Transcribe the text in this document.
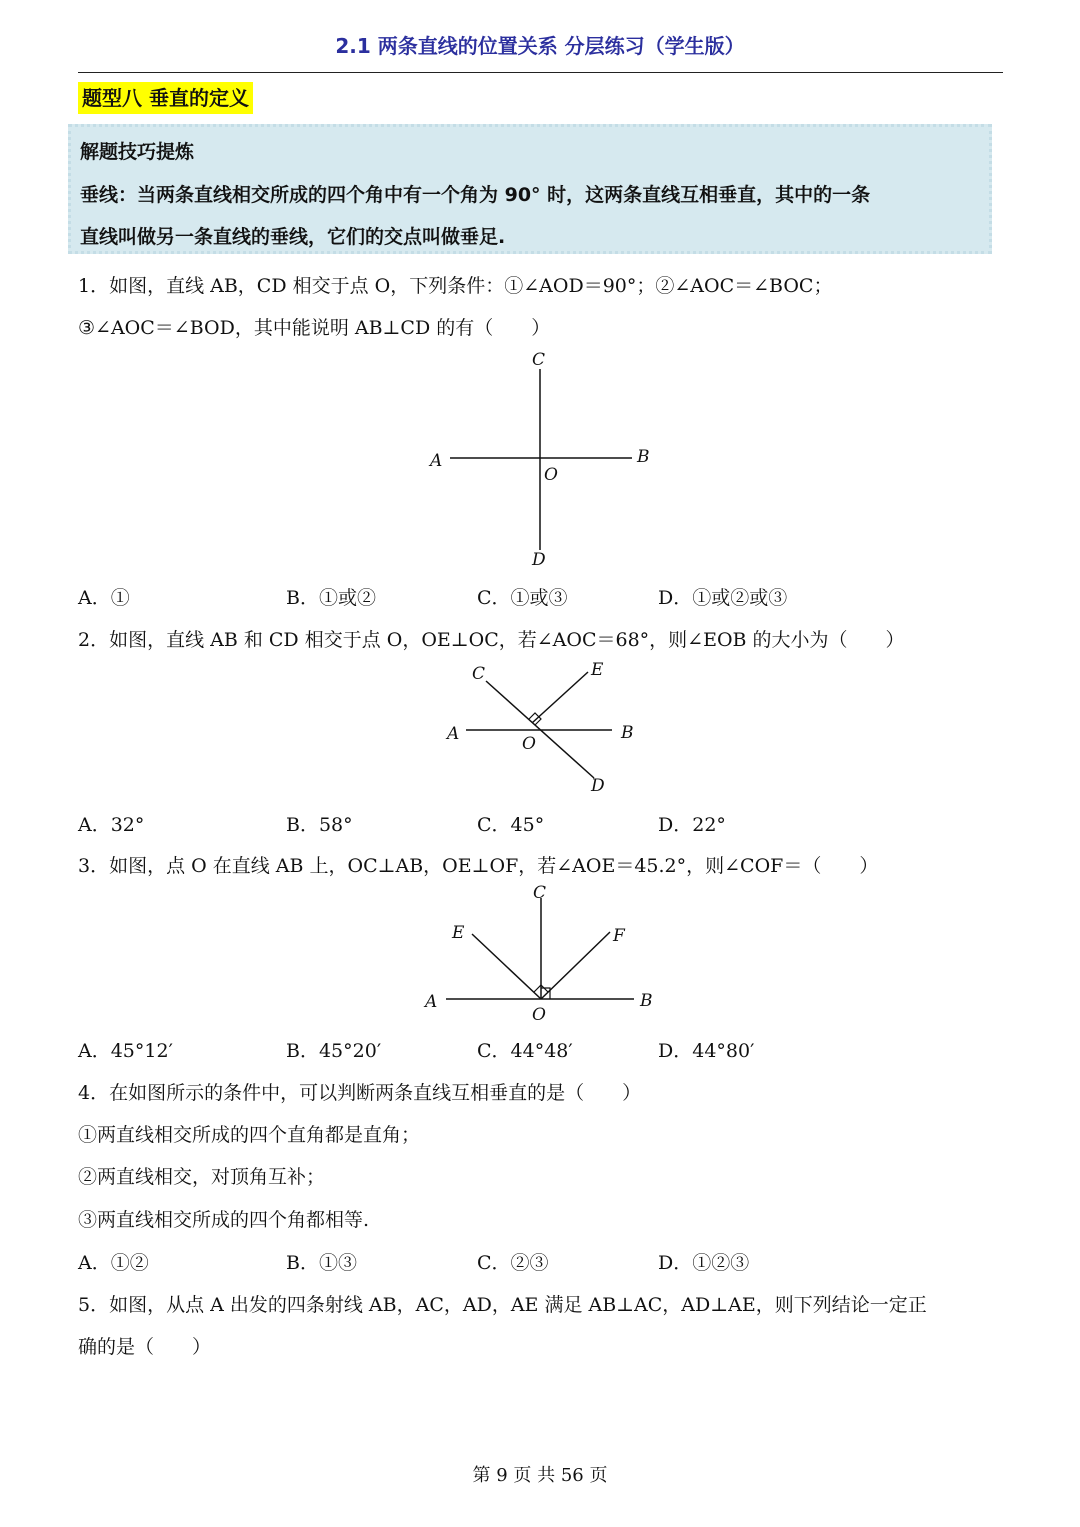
2.1 两条直线的位置关系 分层练习（学生版）
题型八 垂直的定义
解题技巧提炼
垂线：当两条直线相交所成的四个角中有一个角为 90° 时，这两条直线互相垂直，其中的一条
直线叫做另一条直线的垂线，它们的交点叫做垂足.
1．如图，直线 AB，CD 相交于点 O，下列条件：①∠AOD＝90°；②∠AOC＝∠BOC；
③∠AOC＝∠BOD，其中能说明 AB⊥CD 的有（　　）
C
A	B
O
D
A．①	B．①或②	C．①或③	D．①或②或③
2．如图，直线 AB 和 CD 相交于点 O，OE⊥OC，若∠AOC＝68°，则∠EOB 的大小为（　　）
C	E
A	B
O
D
A．32°	B．58°	C．45°	D．22°
3．如图，点 O 在直线 AB 上，OC⊥AB，OE⊥OF，若∠AOE＝45.2°，则∠COF＝（　　）
C
E	F
A	B
O
A．45°12′	B．45°20′	C．44°48′	D．44°80′
4．在如图所示的条件中，可以判断两条直线互相垂直的是（　　）
①两直线相交所成的四个直角都是直角；
②两直线相交，对顶角互补；
③两直线相交所成的四个角都相等.
A．①②	B．①③	C．②③	D．①②③
5．如图，从点 A 出发的四条射线 AB，AC，AD，AE 满足 AB⊥AC，AD⊥AE，则下列结论一定正
确的是（　　）
第 9 页 共 56 页
